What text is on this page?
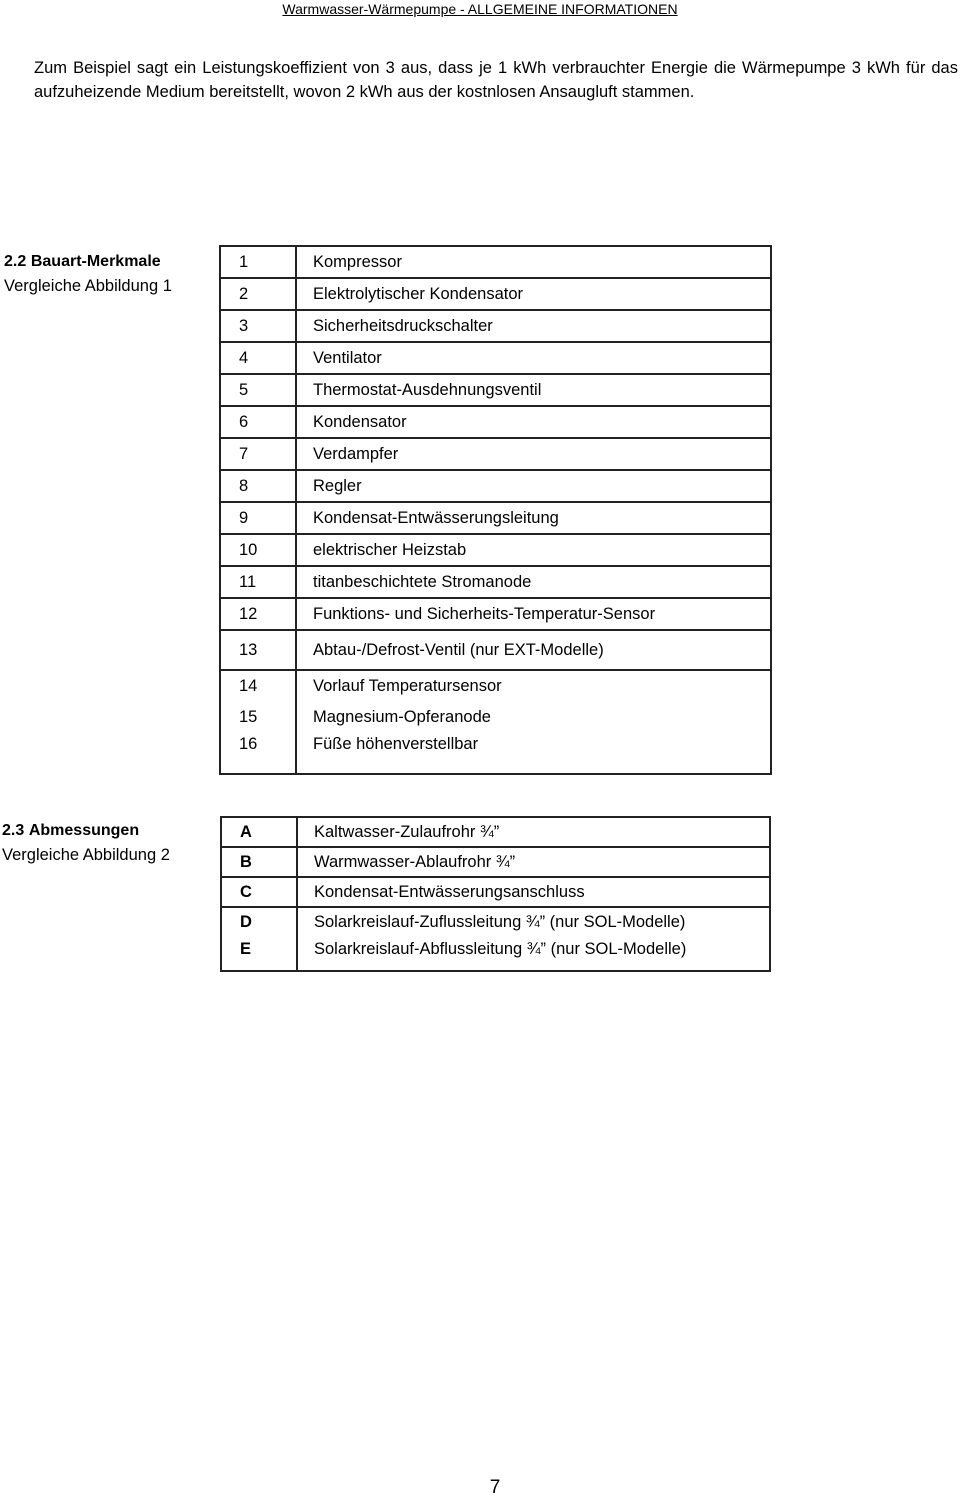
Warmwasser-Wärmepumpe - ALLGEMEINE INFORMATIONEN
Zum Beispiel sagt ein Leistungskoeffizient von 3 aus, dass je 1 kWh verbrauchter Energie die Wärmepumpe 3 kWh für das aufzuheizende Medium bereitstellt, wovon 2 kWh aus der kostnlosen Ansaugluft stammen.
2.2 Bauart-Merkmale
Vergleiche Abbildung 1
1	Kompressor
2	Elektrolytischer Kondensator
3	Sicherheitsdruckschalter
4	Ventilator
5	Thermostat-Ausdehnungsventil
6	Kondensator
7	Verdampfer
8	Regler
9	Kondensat-Entwässerungsleitung
10	elektrischer Heizstab
11	titanbeschichtete Stromanode
12	Funktions- und Sicherheits-Temperatur-Sensor
13	Abtau-/Defrost-Ventil (nur EXT-Modelle)
14	Vorlauf Temperatursensor
15	Magnesium-Opferanode
16	Füße höhenverstellbar
2.3 Abmessungen
Vergleiche Abbildung 2
A	Kaltwasser-Zulaufrohr ¾”
B	Warmwasser-Ablaufrohr ¾”
C	Kondensat-Entwässerungsanschluss
D	Solarkreislauf-Zuflussleitung ¾” (nur SOL-Modelle)
E	Solarkreislauf-Abflussleitung ¾” (nur SOL-Modelle)
7
